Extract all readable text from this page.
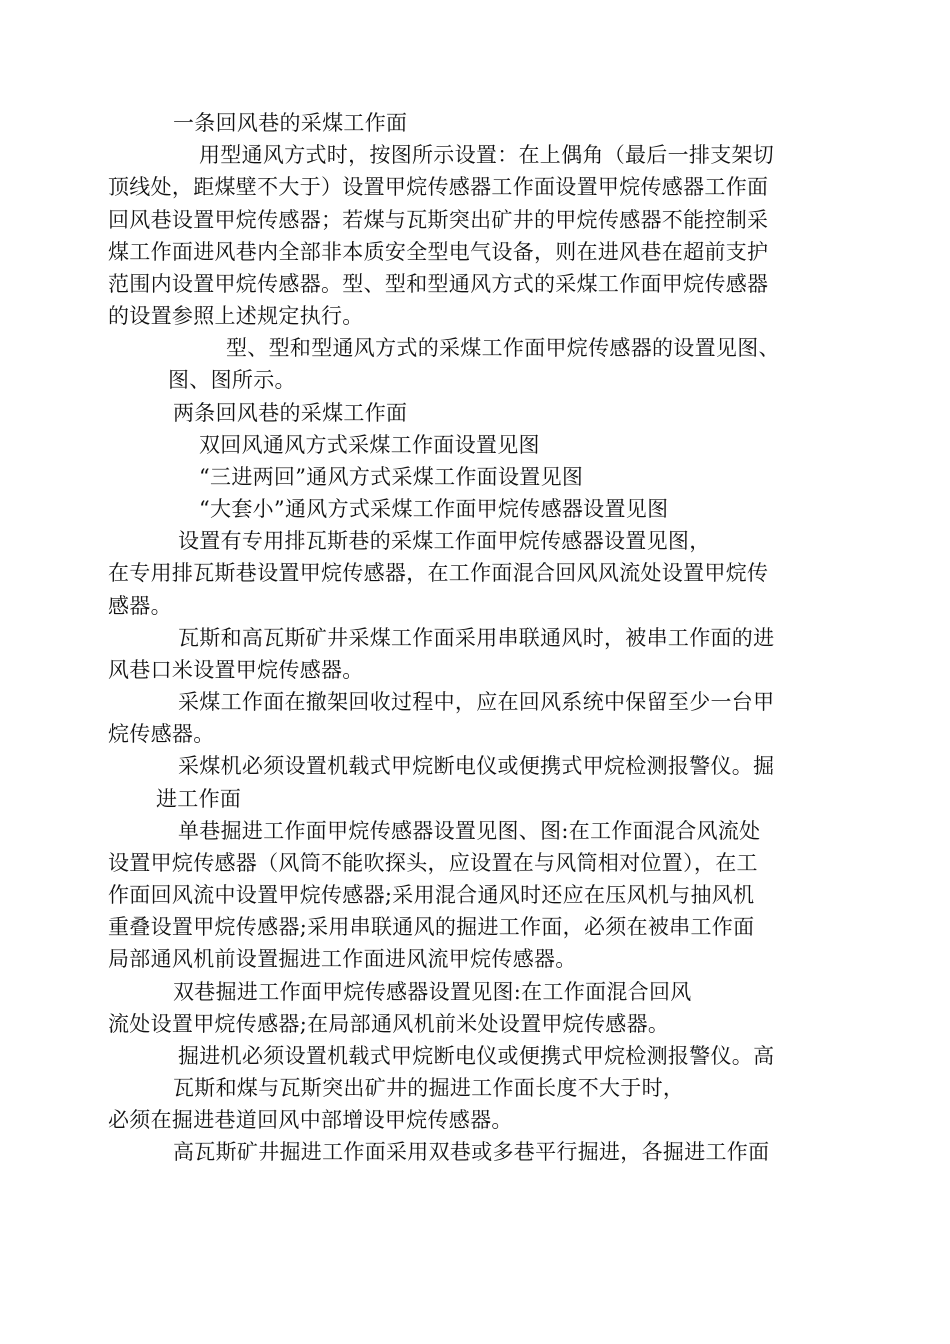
一条回风巷的采煤工作面
用型通风方式时，按图所示设置：在上偶角（最后一排支架切
顶线处，距煤壁不大于）设置甲烷传感器工作面设置甲烷传感器工作面
回风巷设置甲烷传感器；若煤与瓦斯突出矿井的甲烷传感器不能控制采
煤工作面进风巷内全部非本质安全型电气设备，则在进风巷在超前支护
范围内设置甲烷传感器。型、型和型通风方式的采煤工作面甲烷传感器
的设置参照上述规定执行。
型、型和型通风方式的采煤工作面甲烷传感器的设置见图、
图、图所示。
两条回风巷的采煤工作面
双回风通风方式采煤工作面设置见图
“三进两回”通风方式采煤工作面设置见图
“大套小”通风方式采煤工作面甲烷传感器设置见图
设置有专用排瓦斯巷的采煤工作面甲烷传感器设置见图，
在专用排瓦斯巷设置甲烷传感器，在工作面混合回风风流处设置甲烷传
感器。
瓦斯和高瓦斯矿井采煤工作面采用串联通风时，被串工作面的进
风巷口米设置甲烷传感器。
采煤工作面在撤架回收过程中，应在回风系统中保留至少一台甲
烷传感器。
采煤机必须设置机载式甲烷断电仪或便携式甲烷检测报警仪。掘
进工作面
单巷掘进工作面甲烷传感器设置见图、图:在工作面混合风流处
设置甲烷传感器（风筒不能吹探头，应设置在与风筒相对位置），在工
作面回风流中设置甲烷传感器;采用混合通风时还应在压风机与抽风机
重叠设置甲烷传感器;采用串联通风的掘进工作面，必须在被串工作面
局部通风机前设置掘进工作面进风流甲烷传感器。
双巷掘进工作面甲烷传感器设置见图:在工作面混合回风
流处设置甲烷传感器;在局部通风机前米处设置甲烷传感器。
掘进机必须设置机载式甲烷断电仪或便携式甲烷检测报警仪。高
瓦斯和煤与瓦斯突出矿井的掘进工作面长度不大于时，
必须在掘进巷道回风中部增设甲烷传感器。
高瓦斯矿井掘进工作面采用双巷或多巷平行掘进，各掘进工作面
